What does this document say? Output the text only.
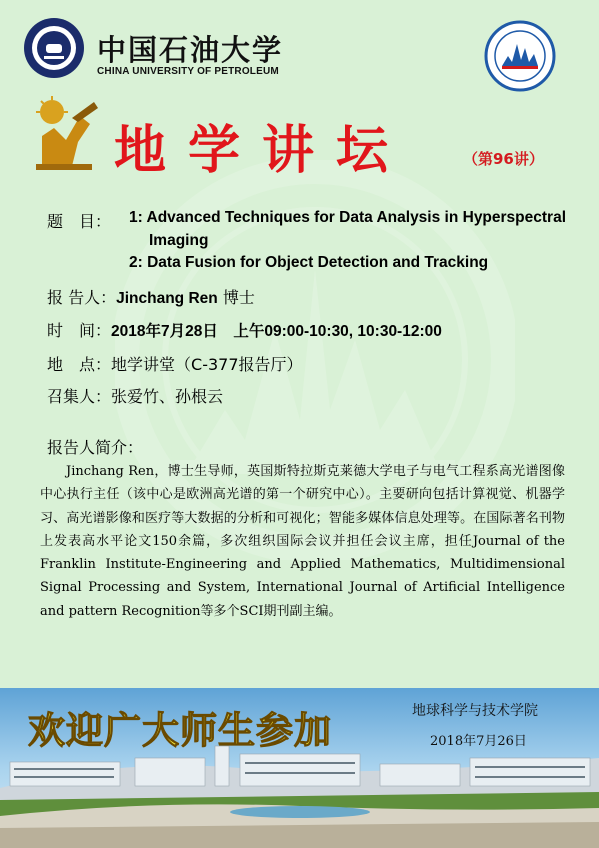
中国石油大学
CHINA UNIVERSITY OF PETROLEUM
地学讲坛	（第96讲）
题　目： 1: Advanced Techniques for Data Analysis in Hyperspectral
Imaging
2: Data Fusion for Object Detection and Tracking
报 告人：Jinchang Ren 博士
时　间：2018年7月28日　上午09:00-10:30, 10:30-12:00
地　点：地学讲堂（C-377报告厅）
召集人：张爱竹、孙根云
报告人简介：
Jinchang Ren，博士生导师，英国斯特拉斯克莱德大学电子与电气工程系高光谱图像中心执行主任（该中心是欧洲高光谱的第一个研究中心）。主要研向包括计算视觉、机器学习、高光谱影像和医疗等大数据的分析和可视化；智能多媒体信息处理等。在国际著名刊物上发表高水平论文150余篇，多次组织国际会议并担任会议主席，担任Journal of the Franklin Institute-Engineering and Applied Mathematics, Multidimensional Signal Processing and System, International Journal of Artificial Intelligence and pattern Recognition等多个SCI期刊副主编。
欢迎广大师生参加	地球科学与技术学院
2018年7月26日
